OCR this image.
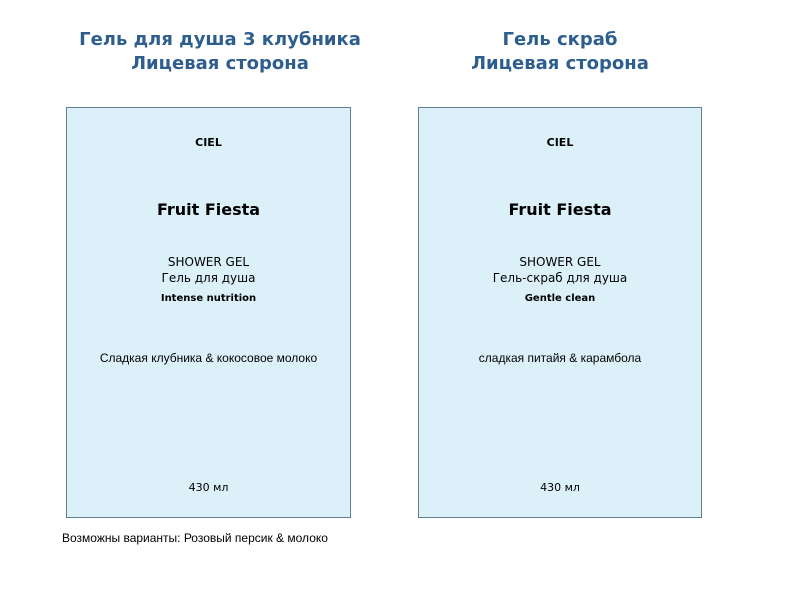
Гель для душа 3 клубника
Лицевая сторона
Гель скраб
Лицевая сторона
CIEL
Fruit Fiesta
SHOWER GEL
Гель для душа
Intense nutrition
Сладкая клубника & кокосовое молоко
430 мл
CIEL
Fruit Fiesta
SHOWER GEL
Гель-скраб для душа
Gentle clean
сладкая питайя & карамбола
430 мл
Возможны варианты: Розовый персик & молоко
